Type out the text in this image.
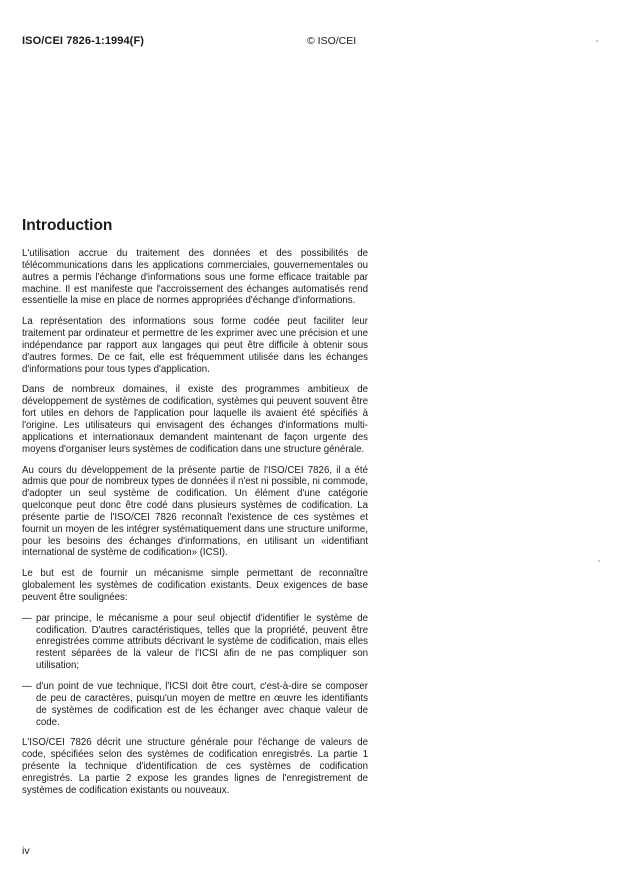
ISO/CEI 7826-1:1994(F)	© ISO/CEI
Introduction

L'utilisation accrue du traitement des données et des possibilités de télécommunications dans les applications commerciales, gouvernementales ou autres a permis l'échange d'informations sous une forme efficace traitable par machine. Il est manifeste que l'accroissement des échanges automatisés rend essentielle la mise en place de normes appropriées d'échange d'informations.

La représentation des informations sous forme codée peut faciliter leur traitement par ordinateur et permettre de les exprimer avec une précision et une indépendance par rapport aux langages qui peut être difficile à obtenir sous d'autres formes. De ce fait, elle est fréquemment utilisée dans les échanges d'informations pour tous types d'application.

Dans de nombreux domaines, il existe des programmes ambitieux de développement de systèmes de codification, systèmes qui peuvent souvent être fort utiles en dehors de l'application pour laquelle ils avaient été spécifiés à l'origine. Les utilisateurs qui envisagent des échanges d'informations multi-applications et internationaux demandent maintenant de façon urgente des moyens d'organiser leurs systèmes de codification dans une structure générale.

Au cours du développement de la présente partie de l'ISO/CEI 7826, il a été admis que pour de nombreux types de données il n'est ni possible, ni commode, d'adopter un seul système de codification. Un élément d'une catégorie quelconque peut donc être codé dans plusieurs systèmes de codification. La présente partie de l'ISO/CEI 7826 reconnaît l'existence de ces systèmes et fournit un moyen de les intégrer systématiquement dans une structure uniforme, pour les besoins des échanges d'informations, en utilisant un «identifiant international de système de codification» (ICSI).

Le but est de fournir un mécanisme simple permettant de reconnaître globalement les systèmes de codification existants. Deux exigences de base peuvent être soulignées:

— par principe, le mécanisme a pour seul objectif d'identifier le système de codification. D'autres caractéristiques, telles que la propriété, peuvent être enregistrées comme attributs décrivant le système de codification, mais elles restent séparées de la valeur de l'ICSI afin de ne pas compliquer son utilisation;
— d'un point de vue technique, l'ICSI doit être court, c'est-à-dire se composer de peu de caractères, puisqu'un moyen de mettre en œuvre les identifiants de systèmes de codification est de les échanger avec chaque valeur de code.

L'ISO/CEI 7826 décrit une structure générale pour l'échange de valeurs de code, spécifiées selon des systèmes de codification enregistrés. La partie 1 présente la technique d'identification de ces systèmes de codification enregistrés. La partie 2 expose les grandes lignes de l'enregistrement de systèmes de codification existants ou nouveaux.

iv
